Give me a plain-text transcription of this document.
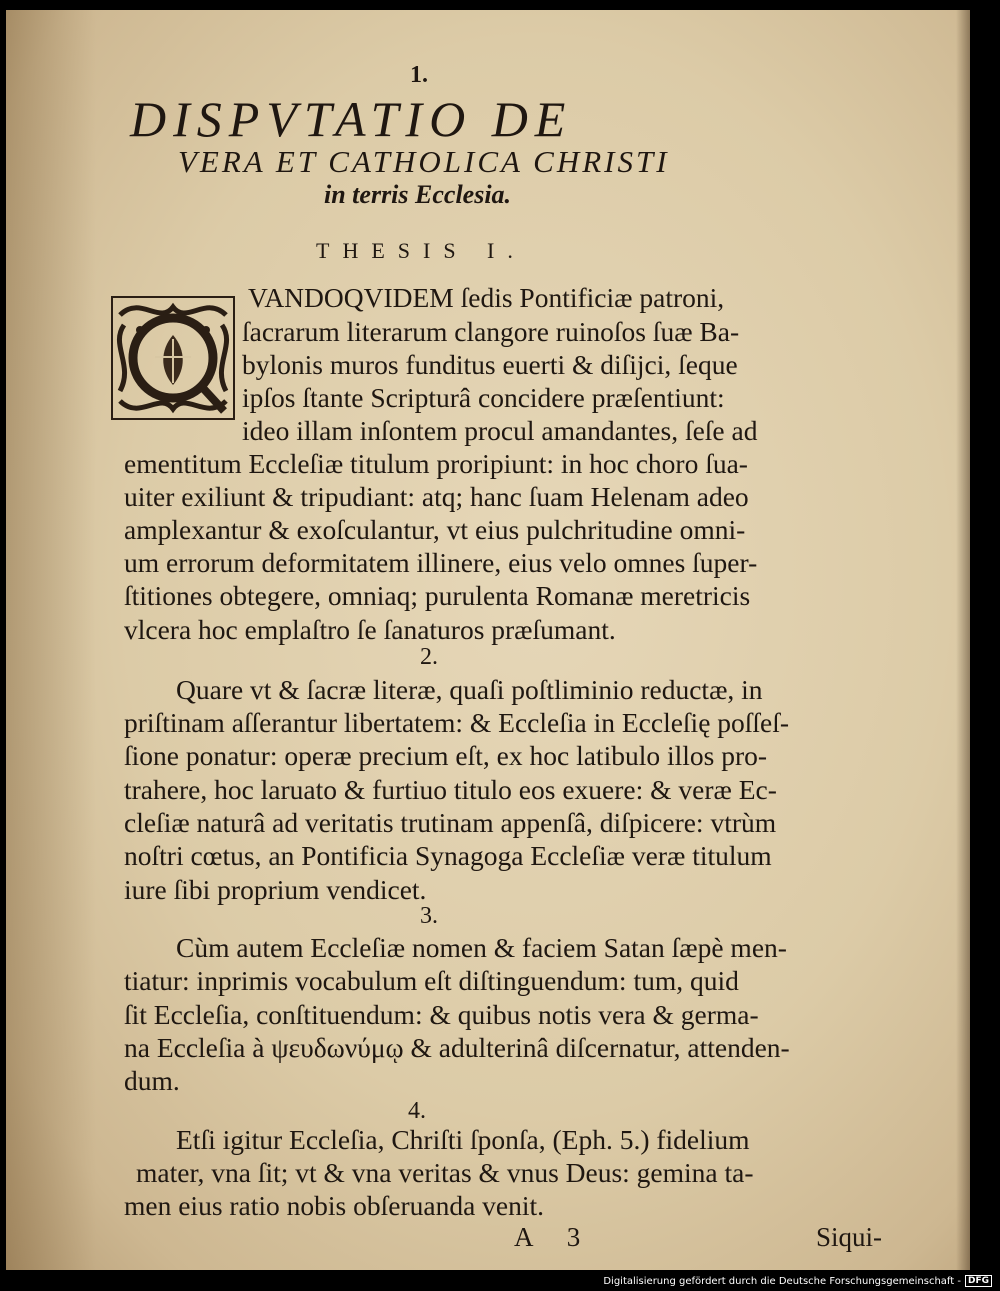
1.
DISPVTATIO DE
VERA ET CATHOLICA CHRISTI
in terris Ecclesia.
THESIS I.
VANDOQVIDEM ſedis Pontificiæ patroni,
ſacrarum literarum clangore ruinoſos ſuæ Ba-
bylonis muros funditus euerti & diſijci, ſeque
ipſos ſtante Scripturâ concidere præſentiunt:
ideo illam inſontem procul amandantes, ſeſe ad
ementitum Eccleſiæ titulum proripiunt: in hoc choro ſua-
uiter exiliunt & tripudiant: atq; hanc ſuam Helenam adeo
amplexantur & exoſculantur, vt eius pulchritudine omni-
um errorum deformitatem illinere, eius velo omnes ſuper-
ſtitiones obtegere, omniaq; purulenta Romanæ meretricis
vlcera hoc emplaſtro ſe ſanaturos præſumant.
2.
Quare vt & ſacræ literæ, quaſi poſtliminio reductæ, in
priſtinam aſſerantur libertatem: & Eccleſia in Eccleſię poſſeſ-
ſione ponatur: operæ precium eſt, ex hoc latibulo illos pro-
trahere, hoc laruato & furtiuo titulo eos exuere: & veræ Ec-
cleſiæ naturâ ad veritatis trutinam appenſâ, diſpicere: vtrùm
noſtri cœtus, an Pontificia Synagoga Eccleſiæ veræ titulum
iure ſibi proprium vendicet.
3.
Cùm autem Eccleſiæ nomen & faciem Satan ſæpè men-
tiatur: inprimis vocabulum eſt diſtinguendum: tum, quid
ſit Eccleſia, conſtituendum: & quibus notis vera & germa-
na Eccleſia à ψευδωνύμῳ & adulterinâ diſcernatur, attenden-
dum.
4.
Etſi igitur Eccleſia, Chriſti ſponſa, (Eph. 5.) fidelium
mater, vna ſit; vt & vna veritas & vnus Deus: gemina ta-
men eius ratio nobis obſeruanda venit.
A 3	Siqui-
Digitalisierung gefördert durch die Deutsche Forschungsgemeinschaft - DFG
